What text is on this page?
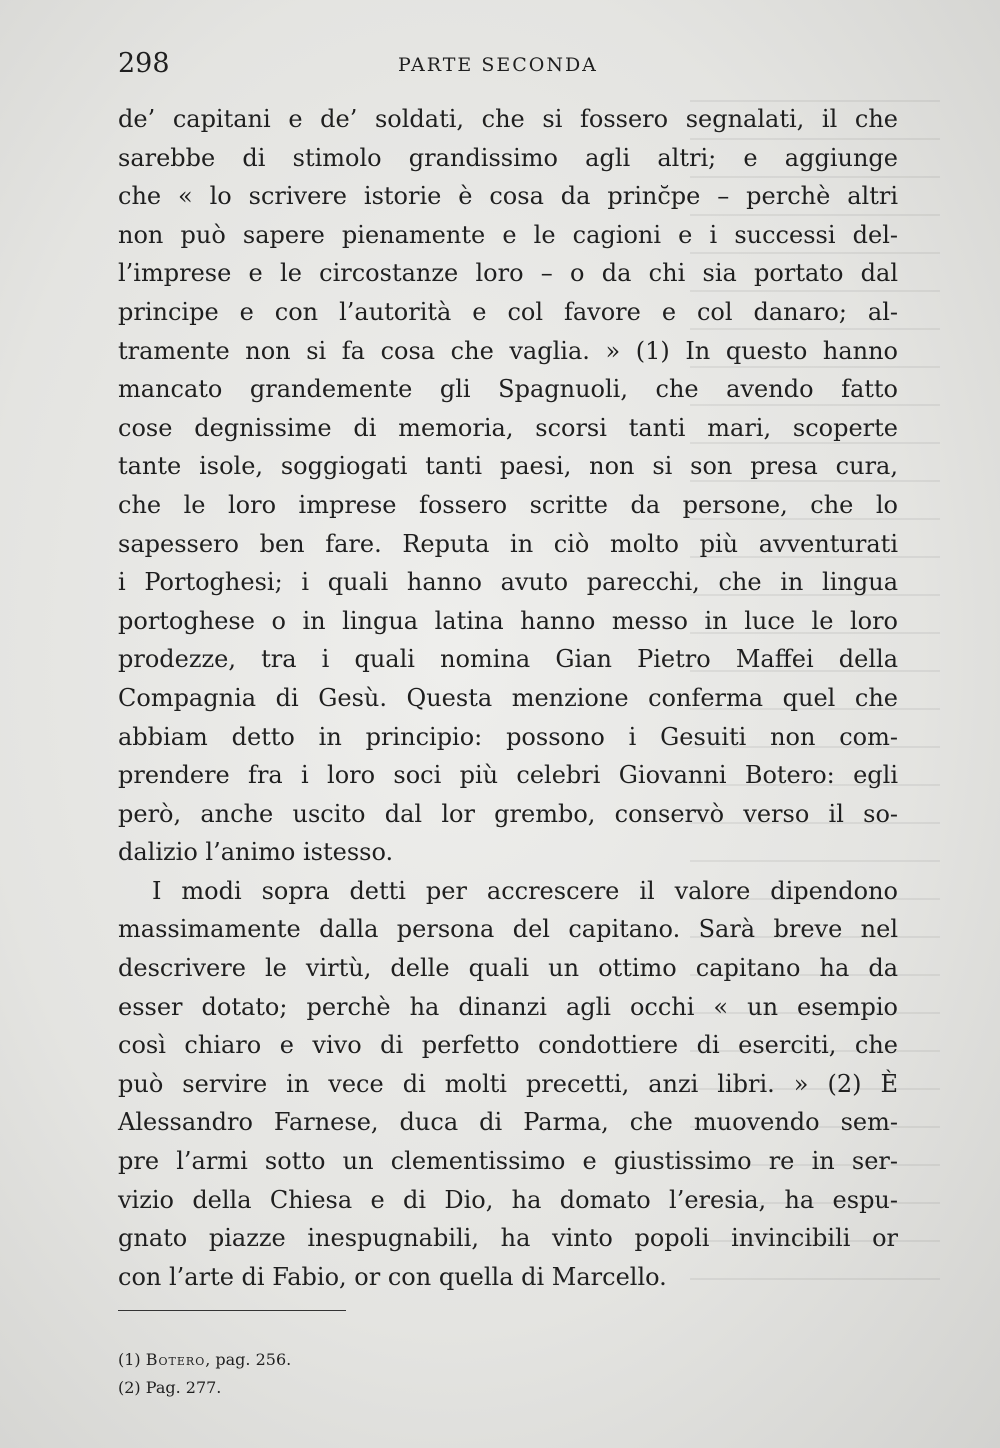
298	PARTE SECONDA
de’ capitani e de’ soldati, che si fossero segnalati, il che
sarebbe di stimolo grandissimo agli altri; e aggiunge
che « lo scrivere istorie è cosa da princ̆pe – perchè altri
non può sapere pienamente e le cagioni e i successi del-
l’imprese e le circostanze loro – o da chi sia portato dal
principe e con l’autorità e col favore e col danaro; al-
tramente non si fa cosa che vaglia. » (1) In questo hanno
mancato grandemente gli Spagnuoli, che avendo fatto
cose degnissime di memoria, scorsi tanti mari, scoperte
tante isole, soggiogati tanti paesi, non si son presa cura,
che le loro imprese fossero scritte da persone, che lo
sapessero ben fare. Reputa in ciò molto più avventurati
i Portoghesi; i quali hanno avuto parecchi, che in lingua
portoghese o in lingua latina hanno messo in luce le loro
prodezze, tra i quali nomina Gian Pietro Maffei della
Compagnia di Gesù. Questa menzione conferma quel che
abbiam detto in principio: possono i Gesuiti non com-
prendere fra i loro soci più celebri Giovanni Botero: egli
però, anche uscito dal lor grembo, conservò verso il so-
dalizio l’animo istesso.
I modi sopra detti per accrescere il valore dipendono
massimamente dalla persona del capitano. Sarà breve nel
descrivere le virtù, delle quali un ottimo capitano ha da
esser dotato; perchè ha dinanzi agli occhi « un esempio
così chiaro e vivo di perfetto condottiere di eserciti, che
può servire in vece di molti precetti, anzi libri. » (2) È
Alessandro Farnese, duca di Parma, che muovendo sem-
pre l’armi sotto un clementissimo e giustissimo re in ser-
vizio della Chiesa e di Dio, ha domato l’eresia, ha espu-
gnato piazze inespugnabili, ha vinto popoli invincibili or
con l’arte di Fabio, or con quella di Marcello.
(1) Botero, pag. 256.
(2) Pag. 277.
